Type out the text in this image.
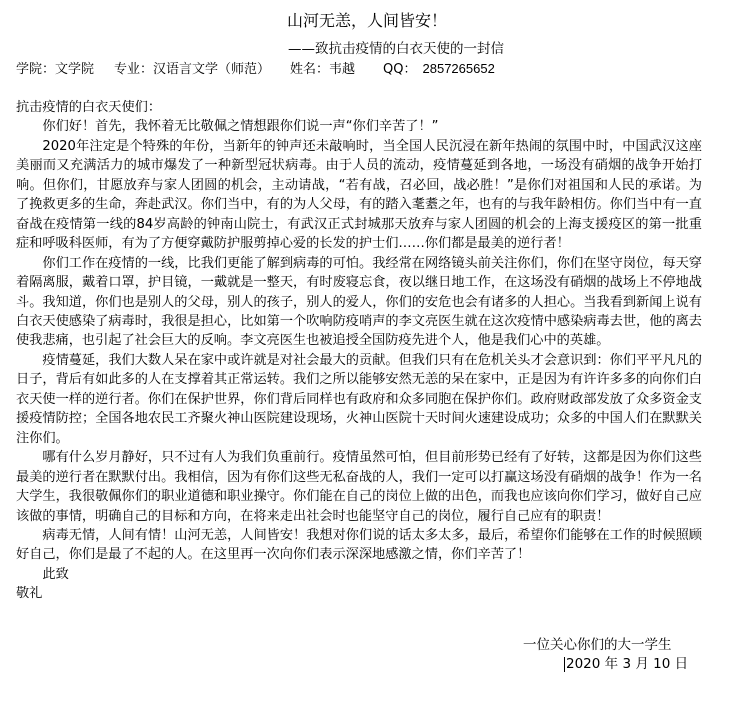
山河无恙，人间皆安！
——致抗击疫情的白衣天使的一封信
学院：文学院 专业：汉语言文学（师范） 姓名：韦越 QQ： 2857265652

抗击疫情的白衣天使们：

你们好！首先，我怀着无比敬佩之情想跟你们说一声“你们辛苦了！”

2020年注定是个特殊的年份，当新年的钟声还未敲响时，当全国人民沉浸在新年热闹的氛围中时，中国武汉这座美丽而又充满活力的城市爆发了一种新型冠状病毒。由于人员的流动，疫情蔓延到各地，一场没有硝烟的战争开始打响。但你们，甘愿放弃与家人团圆的机会，主动请战，“若有战，召必回，战必胜！”是你们对祖国和人民的承诺。为了挽救更多的生命，奔赴武汉。你们当中，有的为人父母，有的踏入耄耋之年，也有的与我年龄相仿。你们当中有一直奋战在疫情第一线的84岁高龄的钟南山院士，有武汉正式封城那天放弃与家人团圆的机会的上海支援疫区的第一批重症和呼吸科医师，有为了方便穿戴防护服剪掉心爱的长发的护士们……你们都是最美的逆行者！

你们工作在疫情的一线，比我们更能了解到病毒的可怕。我经常在网络镜头前关注你们，你们在坚守岗位，每天穿着隔离服，戴着口罩，护目镜，一戴就是一整天，有时废寝忘食，夜以继日地工作，在这场没有硝烟的战场上不停地战斗。我知道，你们也是别人的父母，别人的孩子，别人的爱人，你们的安危也会有诸多的人担心。当我看到新闻上说有白衣天使感染了病毒时，我很是担心，比如第一个吹响防疫哨声的李文亮医生就在这次疫情中感染病毒去世，他的离去使我悲痛，也引起了社会巨大的反响。李文亮医生也被追授全国防疫先进个人，他是我们心中的英雄。

疫情蔓延，我们大数人呆在家中或许就是对社会最大的贡献。但我们只有在危机关头才会意识到：你们平平凡凡的日子，背后有如此多的人在支撑着其正常运转。我们之所以能够安然无恙的呆在家中，正是因为有许许多多的向你们白衣天使一样的逆行者。你们在保护世界，你们背后同样也有政府和众多同胞在保护你们。政府财政部发放了众多资金支援疫情防控；全国各地农民工齐聚火神山医院建设现场，火神山医院十天时间火速建设成功；众多的中国人们在默默关注你们。

哪有什么岁月静好，只不过有人为我们负重前行。疫情虽然可怕，但目前形势已经有了好转，这都是因为你们这些最美的逆行者在默默付出。我相信，因为有你们这些无私奋战的人，我们一定可以打赢这场没有硝烟的战争！作为一名大学生，我很敬佩你们的职业道德和职业操守。你们能在自己的岗位上做的出色，而我也应该向你们学习，做好自己应该做的事情，明确自己的目标和方向，在将来走出社会时也能坚守自己的岗位，履行自己应有的职责！

病毒无情，人间有情！山河无恙，人间皆安！我想对你们说的话太多太多，最后，希望你们能够在工作的时候照顾好自己，你们是最了不起的人。在这里再一次向你们表示深深地感激之情，你们辛苦了！

此致

敬礼

一位关心你们的大一学生
2020 年 3 月 10 日
